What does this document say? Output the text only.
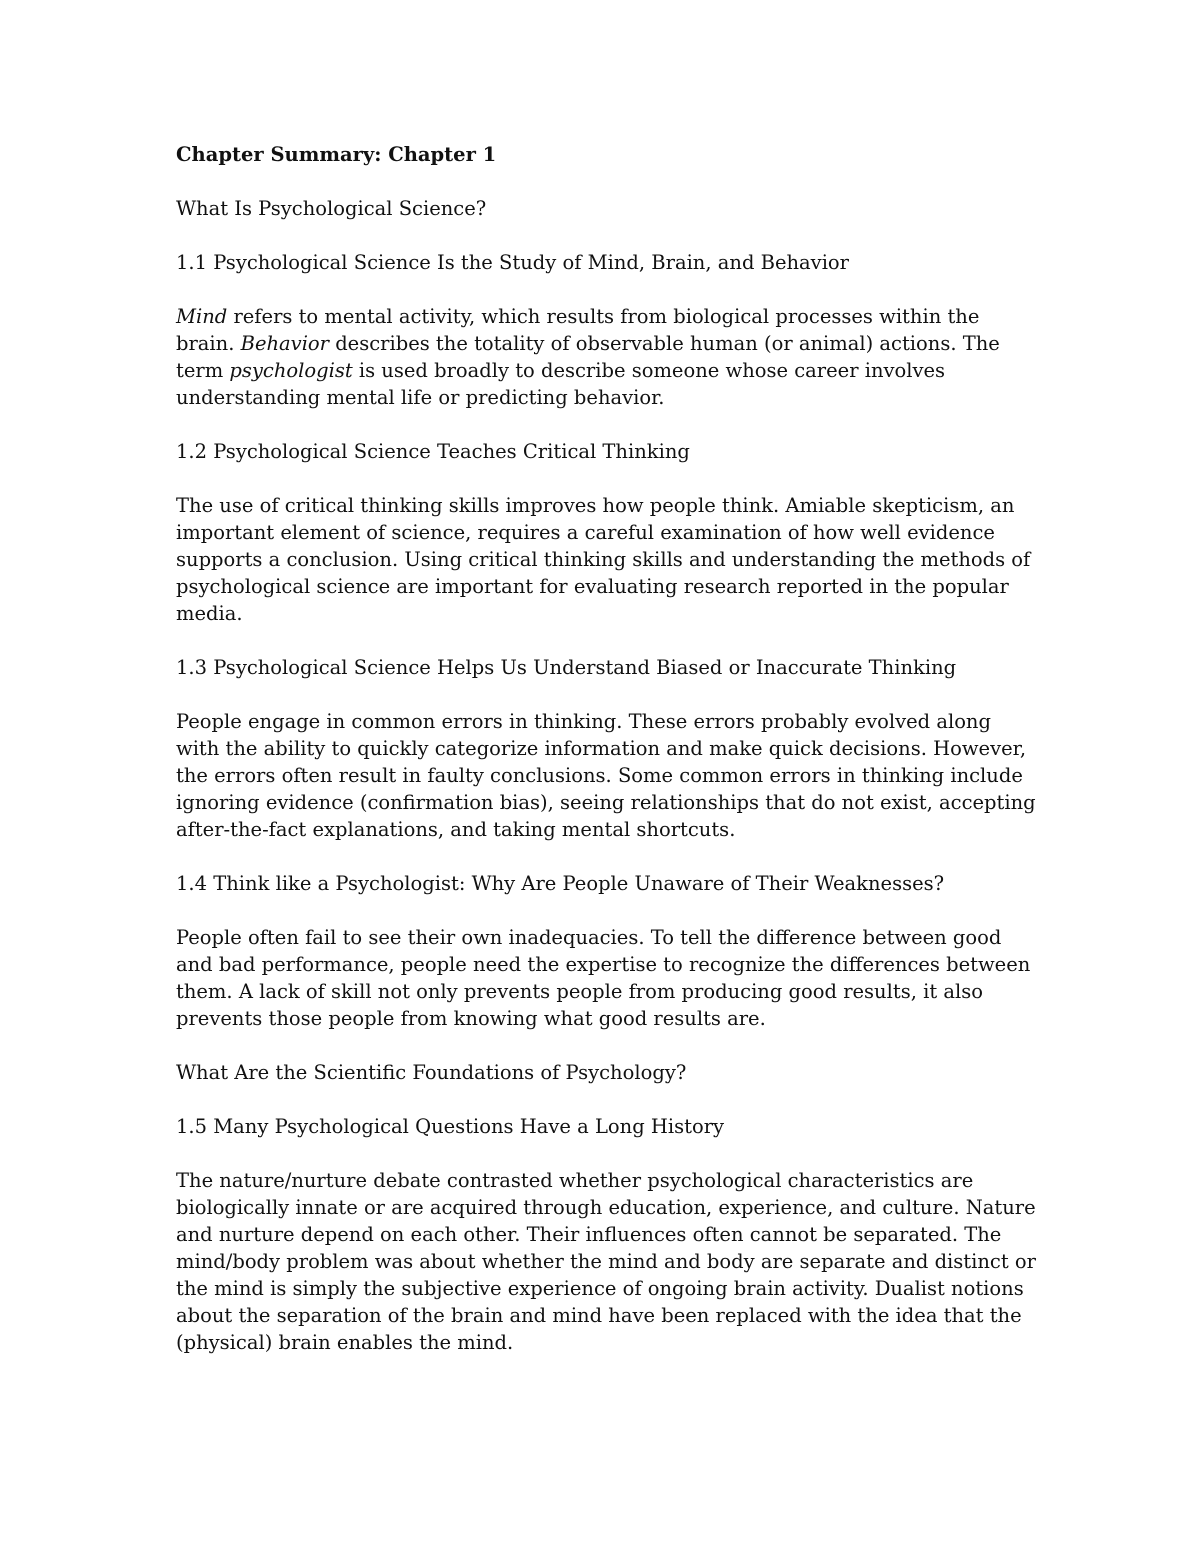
Chapter Summary: Chapter 1

What Is Psychological Science?

1.1 Psychological Science Is the Study of Mind, Brain, and Behavior

Mind refers to mental activity, which results from biological processes within the brain. Behavior describes the totality of observable human (or animal) actions. The term psychologist is used broadly to describe someone whose career involves understanding mental life or predicting behavior.

1.2 Psychological Science Teaches Critical Thinking

The use of critical thinking skills improves how people think. Amiable skepticism, an important element of science, requires a careful examination of how well evidence supports a conclusion. Using critical thinking skills and understanding the methods of psychological science are important for evaluating research reported in the popular media.

1.3 Psychological Science Helps Us Understand Biased or Inaccurate Thinking

People engage in common errors in thinking. These errors probably evolved along with the ability to quickly categorize information and make quick decisions. However, the errors often result in faulty conclusions. Some common errors in thinking include ignoring evidence (confirmation bias), seeing relationships that do not exist, accepting after-the-fact explanations, and taking mental shortcuts.

1.4 Think like a Psychologist: Why Are People Unaware of Their Weaknesses?

People often fail to see their own inadequacies. To tell the difference between good and bad performance, people need the expertise to recognize the differences between them. A lack of skill not only prevents people from producing good results, it also prevents those people from knowing what good results are.

What Are the Scientific Foundations of Psychology?

1.5 Many Psychological Questions Have a Long History

The nature/nurture debate contrasted whether psychological characteristics are biologically innate or are acquired through education, experience, and culture. Nature and nurture depend on each other. Their influences often cannot be separated. The mind/body problem was about whether the mind and body are separate and distinct or the mind is simply the subjective experience of ongoing brain activity. Dualist notions about the separation of the brain and mind have been replaced with the idea that the (physical) brain enables the mind.
